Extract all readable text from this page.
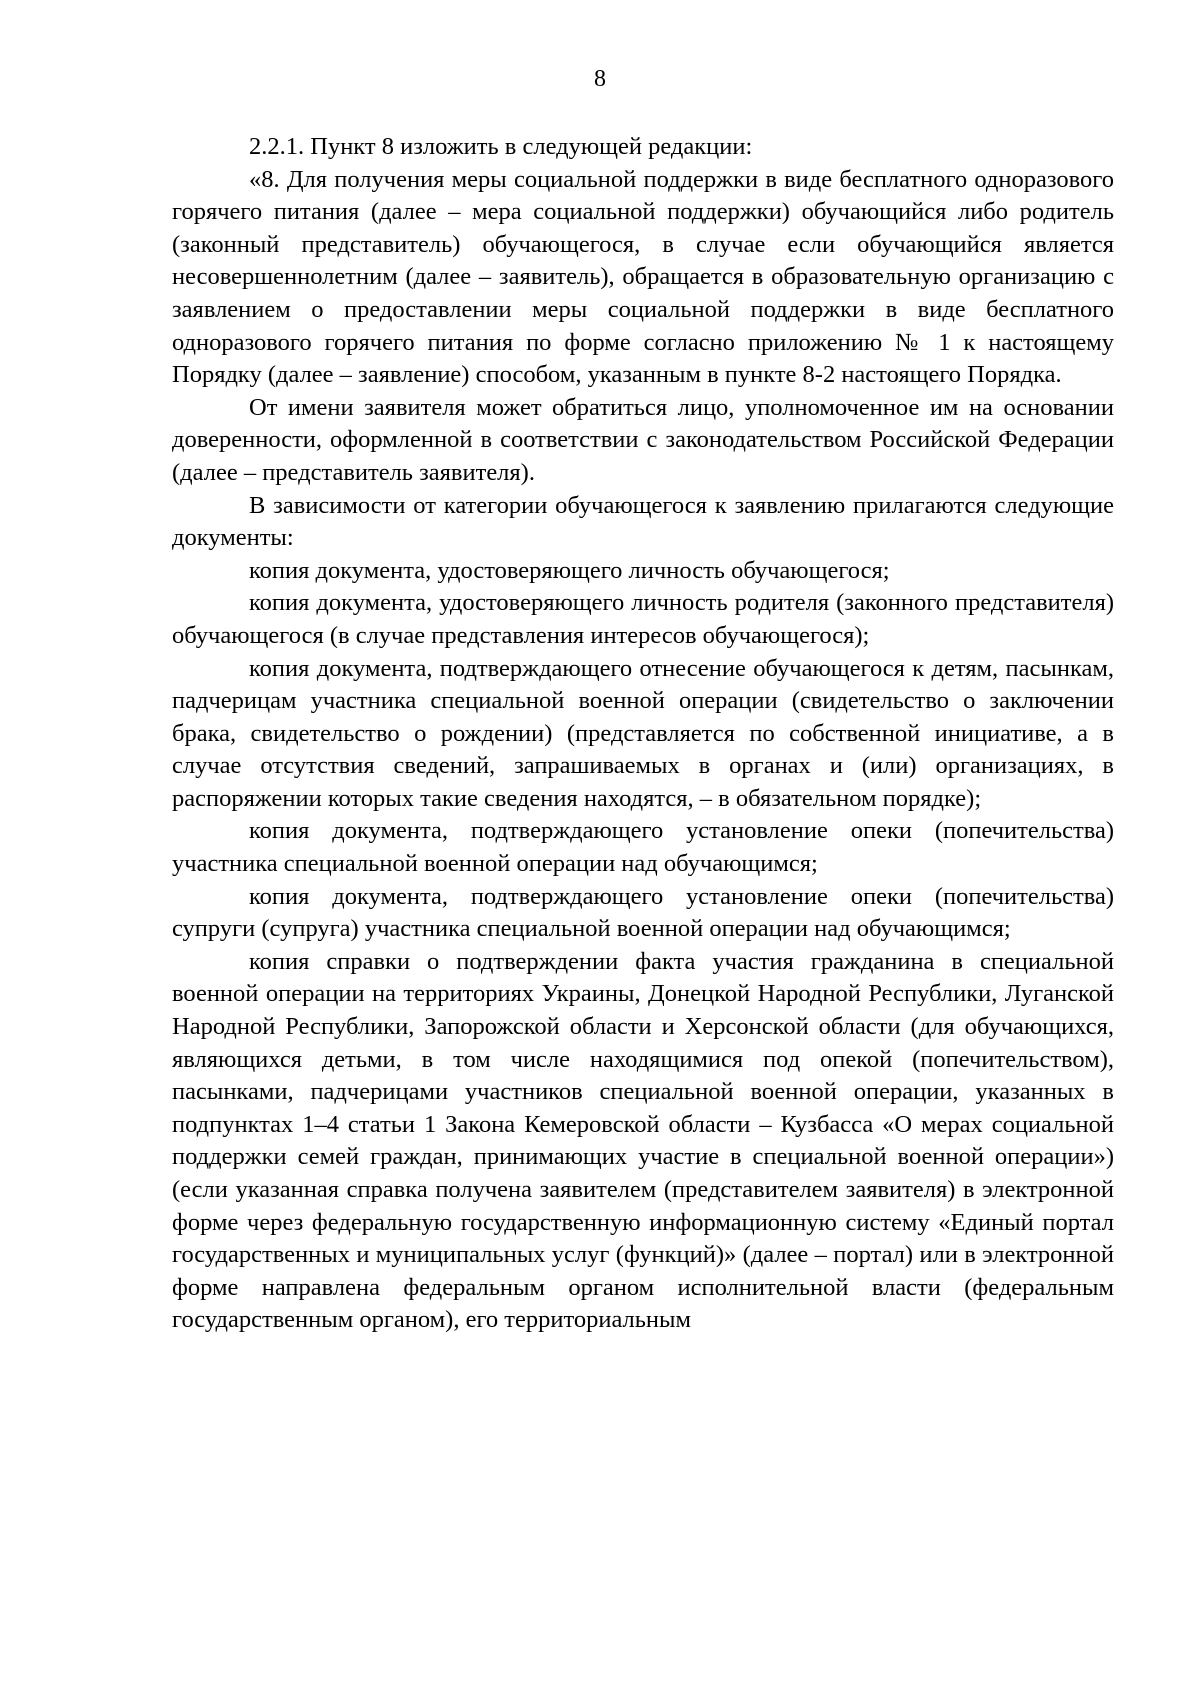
8

2.2.1. Пункт 8 изложить в следующей редакции:

«8. Для получения меры социальной поддержки в виде бесплатного одноразового горячего питания (далее – мера социальной поддержки) обучающийся либо родитель (законный представитель) обучающегося, в случае если обучающийся является несовершеннолетним (далее – заявитель), обращается в образовательную организацию с заявлением о предоставлении меры социальной поддержки в виде бесплатного одноразового горячего питания по форме согласно приложению № 1 к настоящему Порядку (далее – заявление) способом, указанным в пункте 8-2 настоящего Порядка.

От имени заявителя может обратиться лицо, уполномоченное им на основании доверенности, оформленной в соответствии с законодательством Российской Федерации (далее – представитель заявителя).

В зависимости от категории обучающегося к заявлению прилагаются следующие документы:

копия документа, удостоверяющего личность обучающегося;

копия документа, удостоверяющего личность родителя (законного представителя) обучающегося (в случае представления интересов обучающегося);

копия документа, подтверждающего отнесение обучающегося к детям, пасынкам, падчерицам участника специальной военной операции (свидетельство о заключении брака, свидетельство о рождении) (представляется по собственной инициативе, а в случае отсутствия сведений, запрашиваемых в органах и (или) организациях, в распоряжении которых такие сведения находятся, – в обязательном порядке);

копия документа, подтверждающего установление опеки (попечительства) участника специальной военной операции над обучающимся;

копия документа, подтверждающего установление опеки (попечительства) супруги (супруга) участника специальной военной операции над обучающимся;

копия справки о подтверждении факта участия гражданина в специальной военной операции на территориях Украины, Донецкой Народной Республики, Луганской Народной Республики, Запорожской области и Херсонской области (для обучающихся, являющихся детьми, в том числе находящимися под опекой (попечительством), пасынками, падчерицами участников специальной военной операции, указанных в подпунктах 1–4 статьи 1 Закона Кемеровской области – Кузбасса «О мерах социальной поддержки семей граждан, принимающих участие в специальной военной операции») (если указанная справка получена заявителем (представителем заявителя) в электронной форме через федеральную государственную информационную систему «Единый портал государственных и муниципальных услуг (функций)» (далее – портал) или в электронной форме направлена федеральным органом исполнительной власти (федеральным государственным органом), его территориальным
